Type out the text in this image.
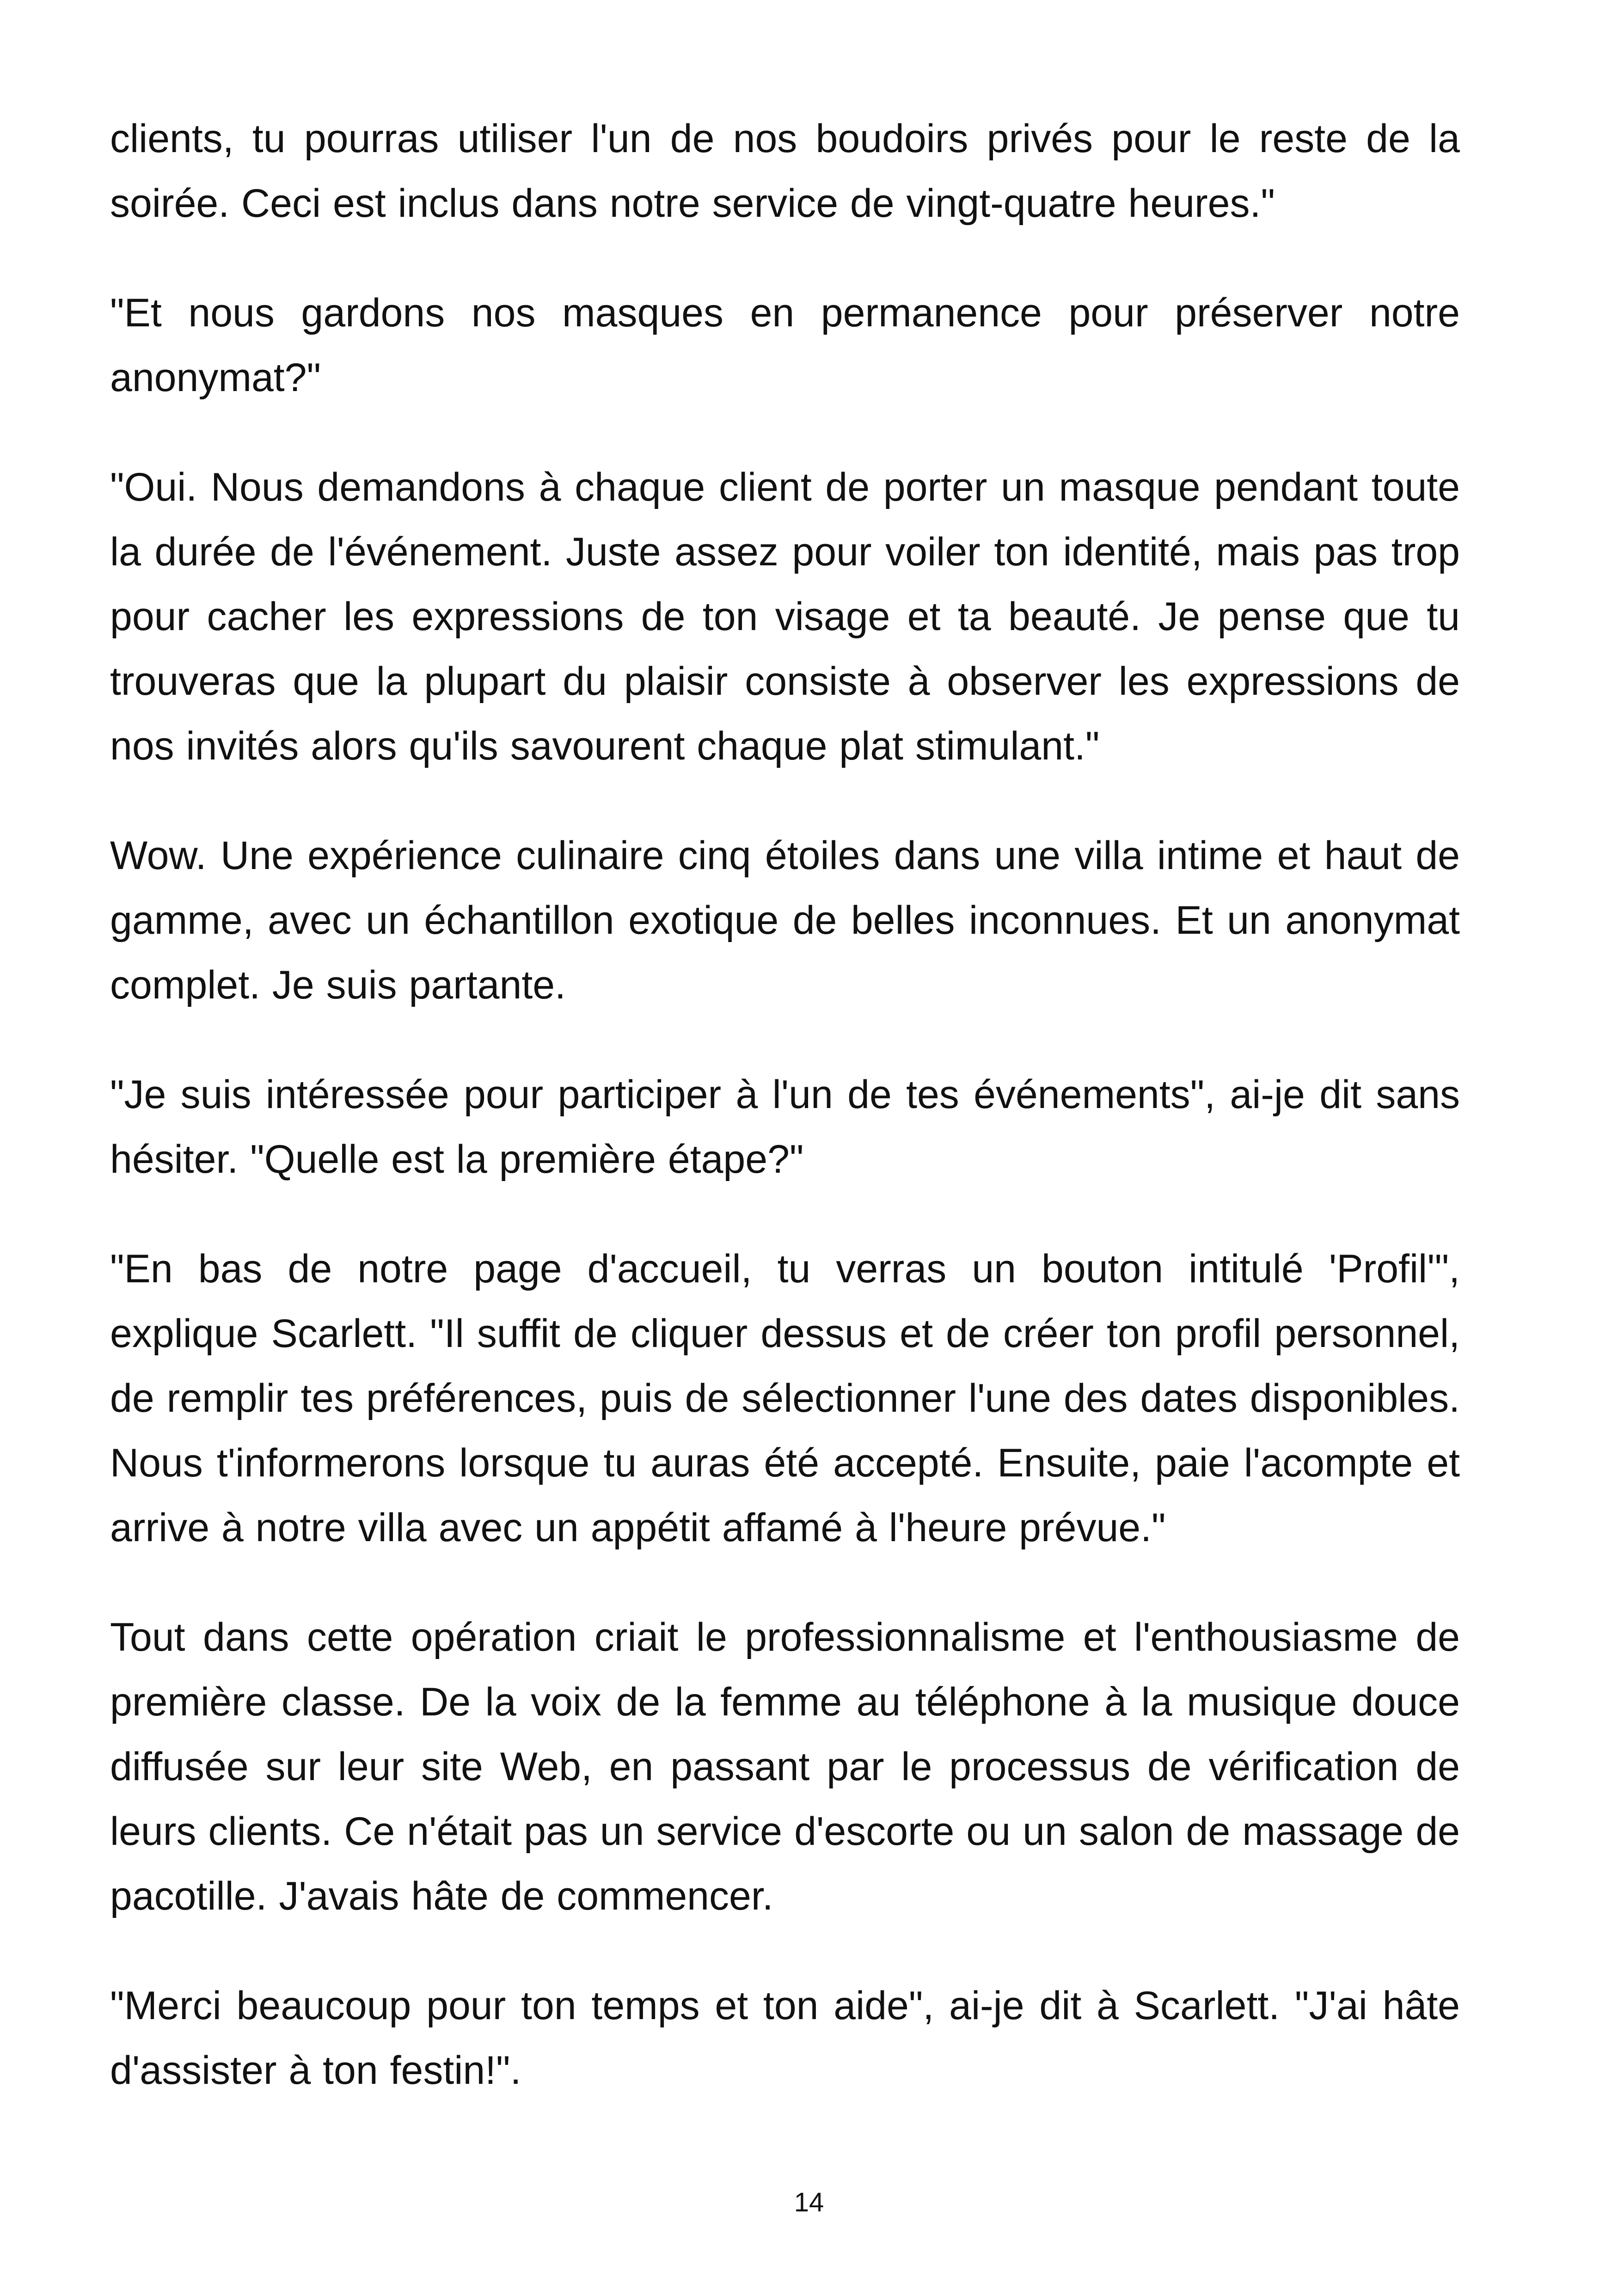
clients, tu pourras utiliser l'un de nos boudoirs privés pour le reste de la soirée. Ceci est inclus dans notre service de vingt-quatre heures."

"Et nous gardons nos masques en permanence pour préserver notre anonymat?"

"Oui. Nous demandons à chaque client de porter un masque pendant toute la durée de l'événement. Juste assez pour voiler ton identité, mais pas trop pour cacher les expressions de ton visage et ta beauté. Je pense que tu trouveras que la plupart du plaisir consiste à observer les expressions de nos invités alors qu'ils savourent chaque plat stimulant."

Wow. Une expérience culinaire cinq étoiles dans une villa intime et haut de gamme, avec un échantillon exotique de belles inconnues. Et un anonymat complet. Je suis partante.

"Je suis intéressée pour participer à l'un de tes événements", ai-je dit sans hésiter. "Quelle est la première étape?"

"En bas de notre page d'accueil, tu verras un bouton intitulé 'Profil'", explique Scarlett. "Il suffit de cliquer dessus et de créer ton profil personnel, de remplir tes préférences, puis de sélectionner l'une des dates disponibles. Nous t'informerons lorsque tu auras été accepté. Ensuite, paie l'acompte et arrive à notre villa avec un appétit affamé à l'heure prévue."

Tout dans cette opération criait le professionnalisme et l'enthousiasme de première classe. De la voix de la femme au téléphone à la musique douce diffusée sur leur site Web, en passant par le processus de vérification de leurs clients. Ce n'était pas un service d'escorte ou un salon de massage de pacotille. J'avais hâte de commencer.

"Merci beaucoup pour ton temps et ton aide", ai-je dit à Scarlett. "J'ai hâte d'assister à ton festin!".

14
